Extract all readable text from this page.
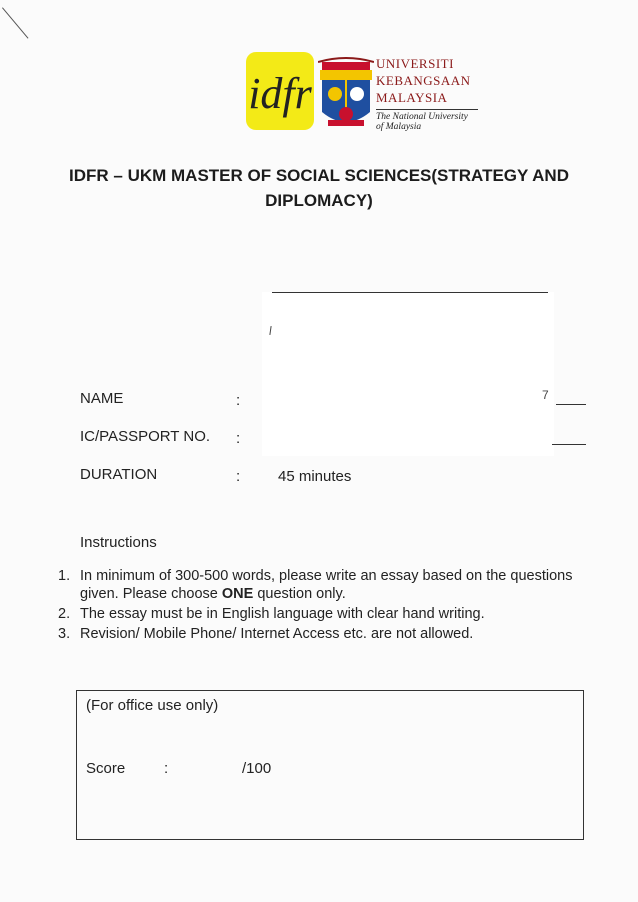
idfr
UNIVERSITI
KEBANGSAAN
MALAYSIA
The National University
of Malaysia
IDFR – UKM MASTER OF SOCIAL SCIENCES(STRATEGY AND
DIPLOMACY)
7
NAME	:
IC/PASSPORT NO. :
DURATION	:	45 minutes
Instructions
1. In minimum of 300-500 words, please write an essay based on the questions given. Please choose ONE question only.
2. The essay must be in English language with clear hand writing.
3. Revision/ Mobile Phone/ Internet Access etc. are not allowed.
(For office use only)
Score	:	/100
